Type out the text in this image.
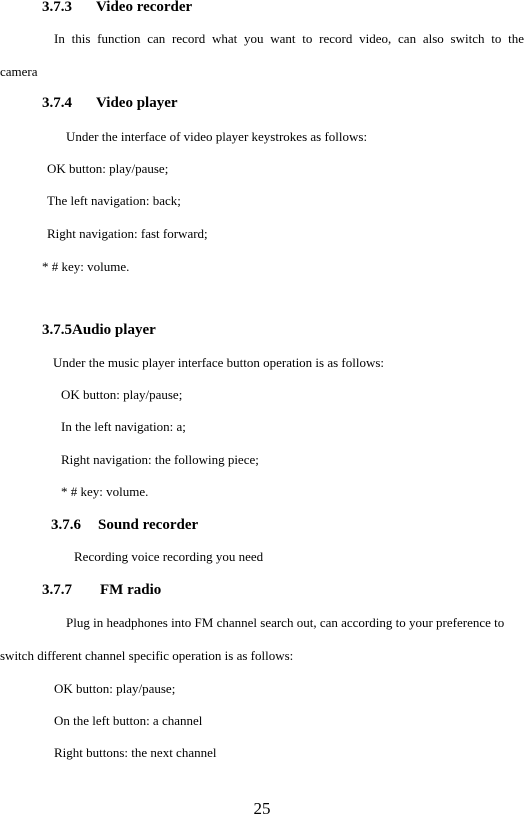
3.7.3 Video recorder
In this function can record what you want to record video, can also switch to the
camera
3.7.4 Video player
Under the interface of video player keystrokes as follows:
OK button: play/pause;
The left navigation: back;
Right navigation: fast forward;
* # key: volume.
3.7.5Audio player
Under the music player interface button operation is as follows:
OK button: play/pause;
In the left navigation: a;
Right navigation: the following piece;
* # key: volume.
3.7.6 Sound recorder
Recording voice recording you need
3.7.7 FM radio
Plug in headphones into FM channel search out, can according to your preference to
switch different channel specific operation is as follows:
OK button: play/pause;
On the left button: a channel
Right buttons: the next channel
25
